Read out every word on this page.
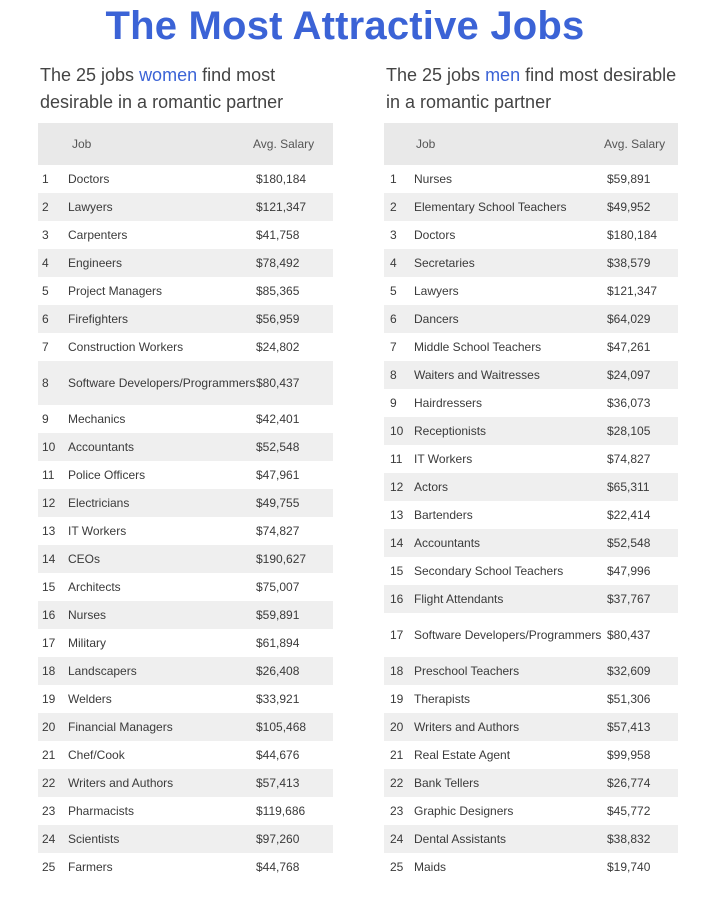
The Most Attractive Jobs
The 25 jobs women find most desirable in a romantic partner
Job	Avg. Salary
1	Doctors	$180,184
2	Lawyers	$121,347
3	Carpenters	$41,758
4	Engineers	$78,492
5	Project Managers	$85,365
6	Firefighters	$56,959
7	Construction Workers	$24,802
8	Software Developers/Programmers $80,437
9	Mechanics	$42,401
10	Accountants	$52,548
11	Police Officers	$47,961
12	Electricians	$49,755
13	IT Workers	$74,827
14	CEOs	$190,627
15	Architects	$75,007
16	Nurses	$59,891
17	Military	$61,894
18	Landscapers	$26,408
19	Welders	$33,921
20	Financial Managers	$105,468
21	Chef/Cook	$44,676
22	Writers and Authors	$57,413
23	Pharmacists	$119,686
24	Scientists	$97,260
25	Farmers	$44,768
The 25 jobs men find most desirable in a romantic partner
Job	Avg. Salary
1	Nurses	$59,891
2	Elementary School Teachers	$49,952
3	Doctors	$180,184
4	Secretaries	$38,579
5	Lawyers	$121,347
6	Dancers	$64,029
7	Middle School Teachers	$47,261
8	Waiters and Waitresses	$24,097
9	Hairdressers	$36,073
10 Receptionists	$28,105
11 IT Workers	$74,827
12 Actors	$65,311
13 Bartenders	$22,414
14 Accountants	$52,548
15 Secondary School Teachers	$47,996
16 Flight Attendants	$37,767
17 Software Developers/Programmers $80,437
18 Preschool Teachers	$32,609
19 Therapists	$51,306
20 Writers and Authors	$57,413
21 Real Estate Agent	$99,958
22 Bank Tellers	$26,774
23 Graphic Designers	$45,772
24 Dental Assistants	$38,832
25 Maids	$19,740
